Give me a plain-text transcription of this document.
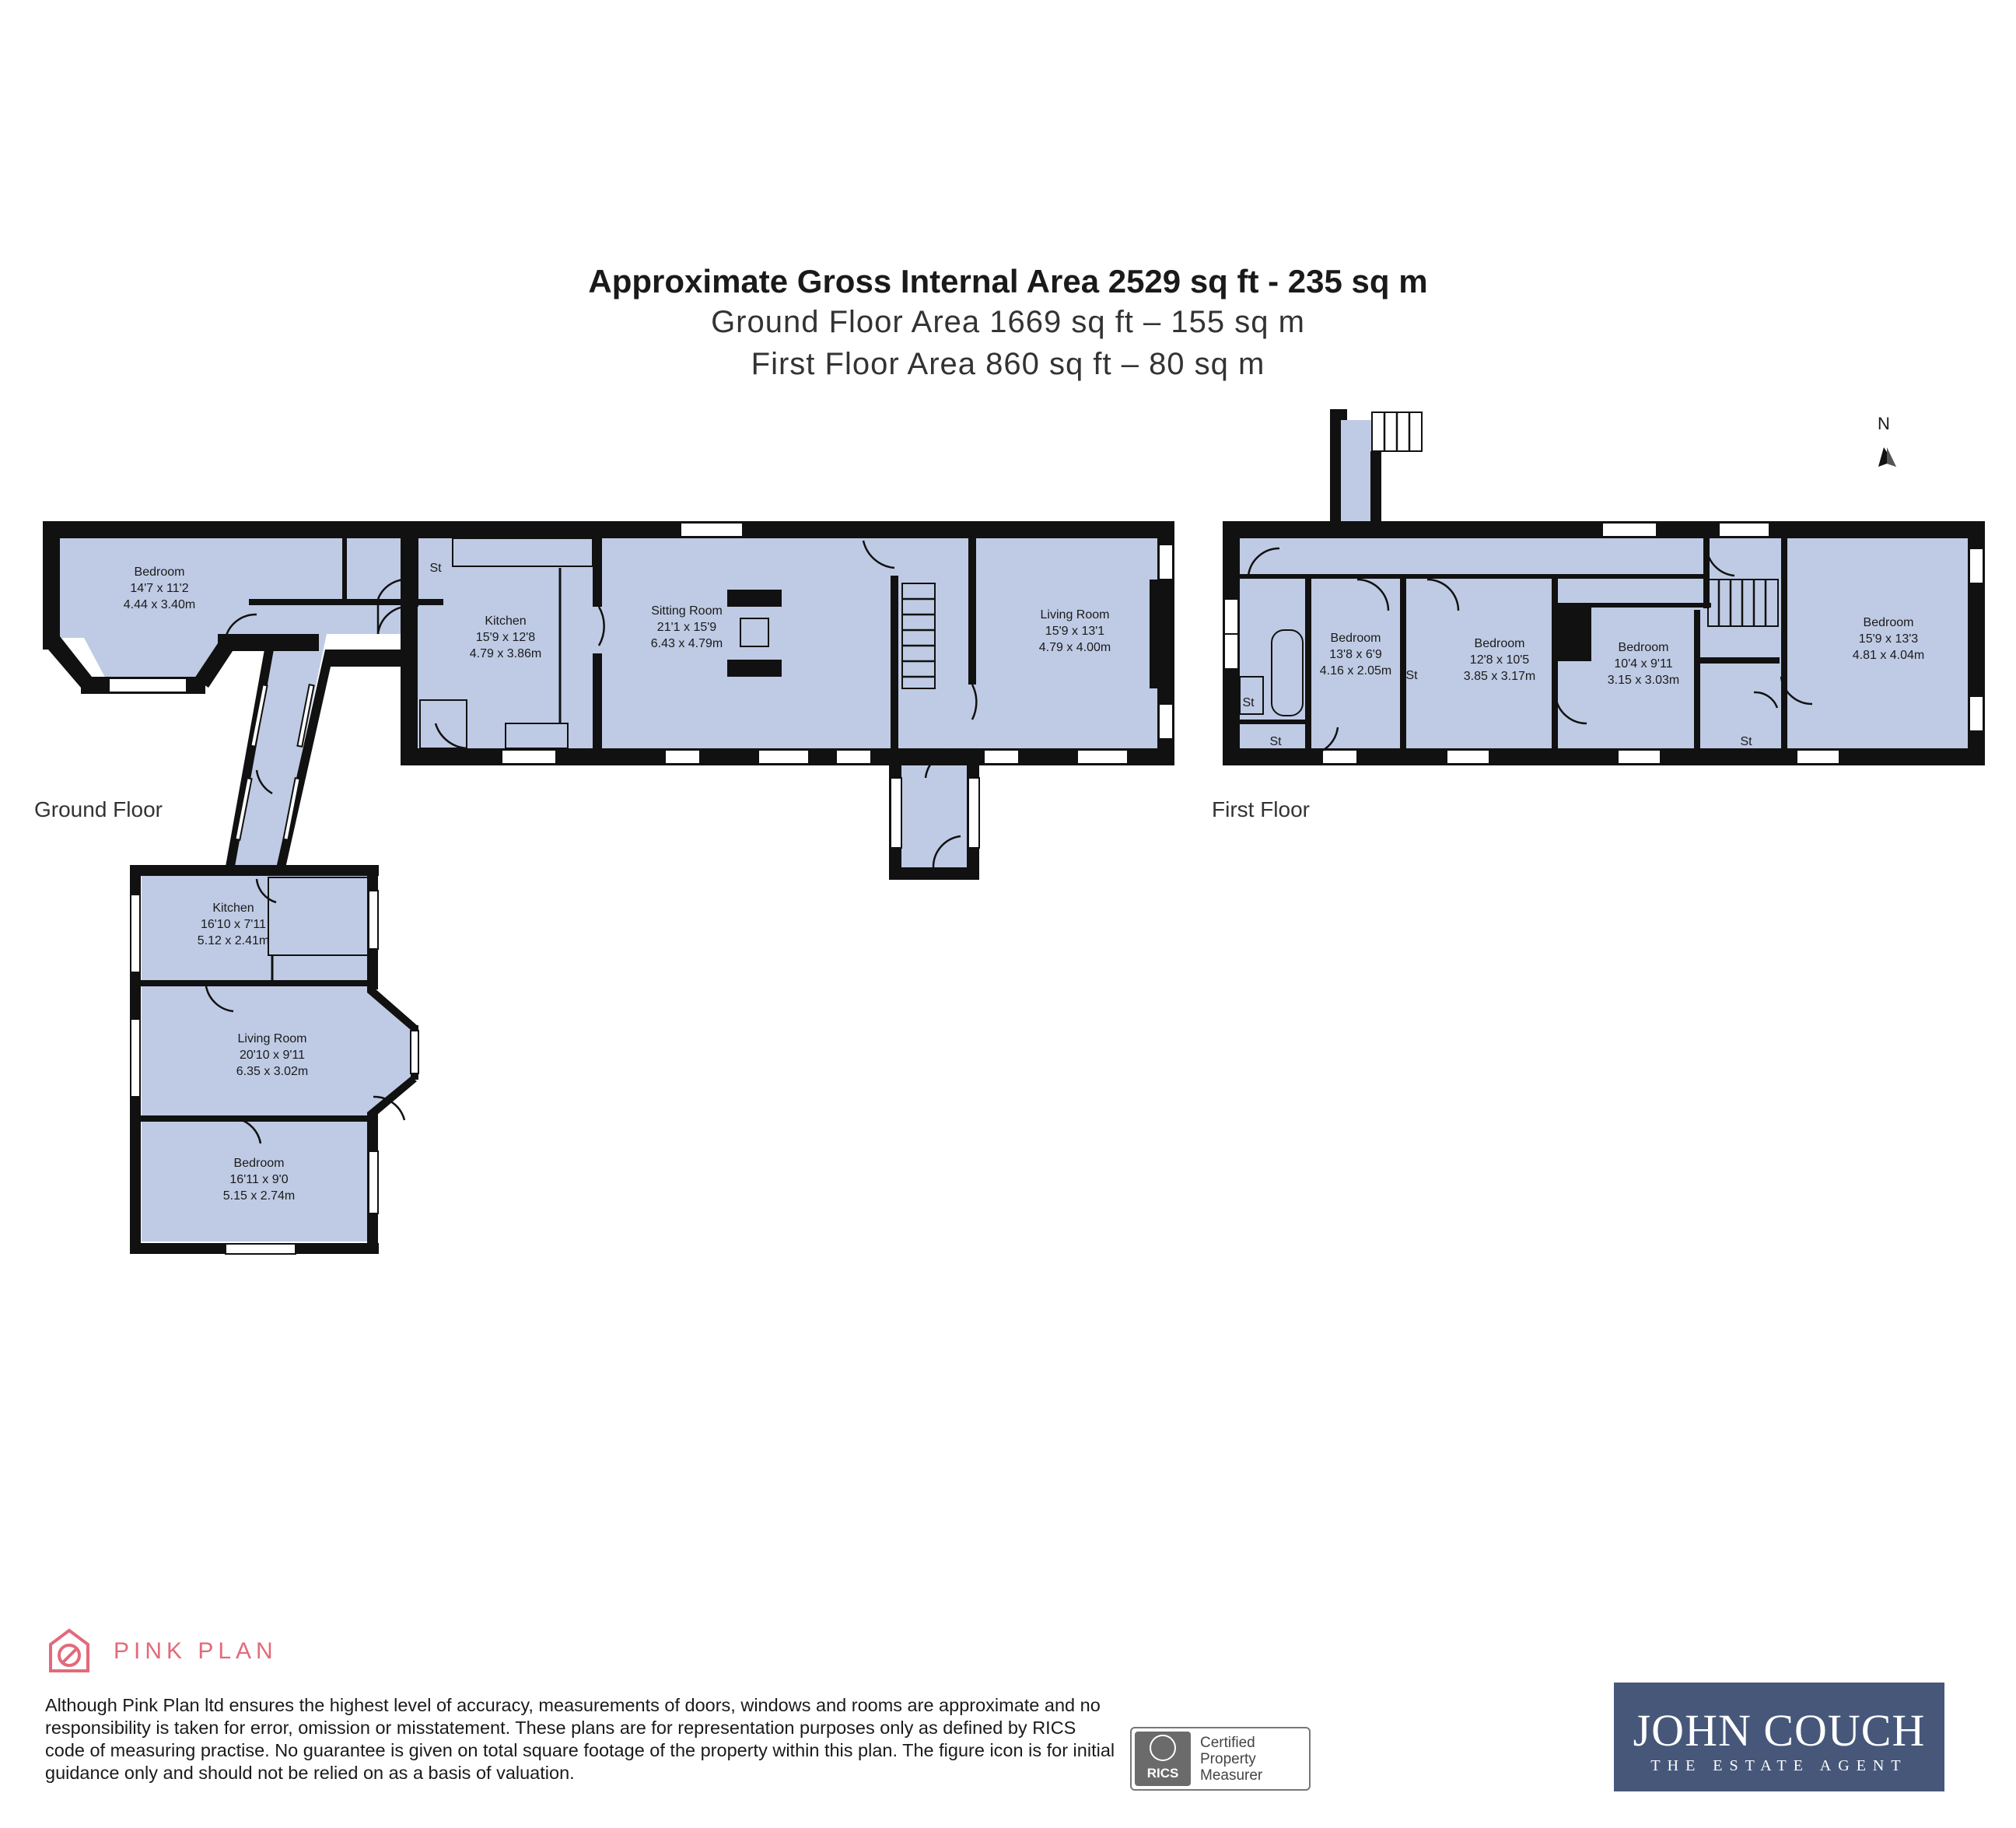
Approximate Gross Internal Area 2529 sq ft - 235 sq m
Ground Floor Area 1669 sq ft – 155 sq m
First Floor Area 860 sq ft – 80 sq m
Ground Floor	First Floor
N
Bedroom
14'7 x 11'2
4.44 x 3.40m
Kitchen
15'9 x 12'8
4.79 x 3.86m
Sitting Room
21'1 x 15'9
6.43 x 4.79m
Living Room
15'9 x 13'1
4.79 x 4.00m
Kitchen
16'10 x 7'11
5.12 x 2.41m
Living Room
20'10 x 9'11
6.35 x 3.02m
Bedroom
16'11 x 9'0
5.15 x 2.74m
Bedroom
13'8 x 6'9
4.16 x 2.05m
Bedroom
12'8 x 10'5
3.85 x 3.17m
Bedroom
10'4 x 9'11
3.15 x 3.03m
Bedroom
15'9 x 13'3
4.81 x 4.04m
St
St
St
St
St
PINK PLAN
Although Pink Plan ltd ensures the highest level of accuracy, measurements of doors, windows and rooms are approximate and no responsibility is taken for error, omission or misstatement. These plans are for representation purposes only as defined by RICS code of measuring practise. No guarantee is given on total square footage of the property within this plan. The figure icon is for initial guidance only and should not be relied on as a basis of valuation.	RICS
Certified
Property
Measurer
JOHN COUCH
THE ESTATE AGENT
